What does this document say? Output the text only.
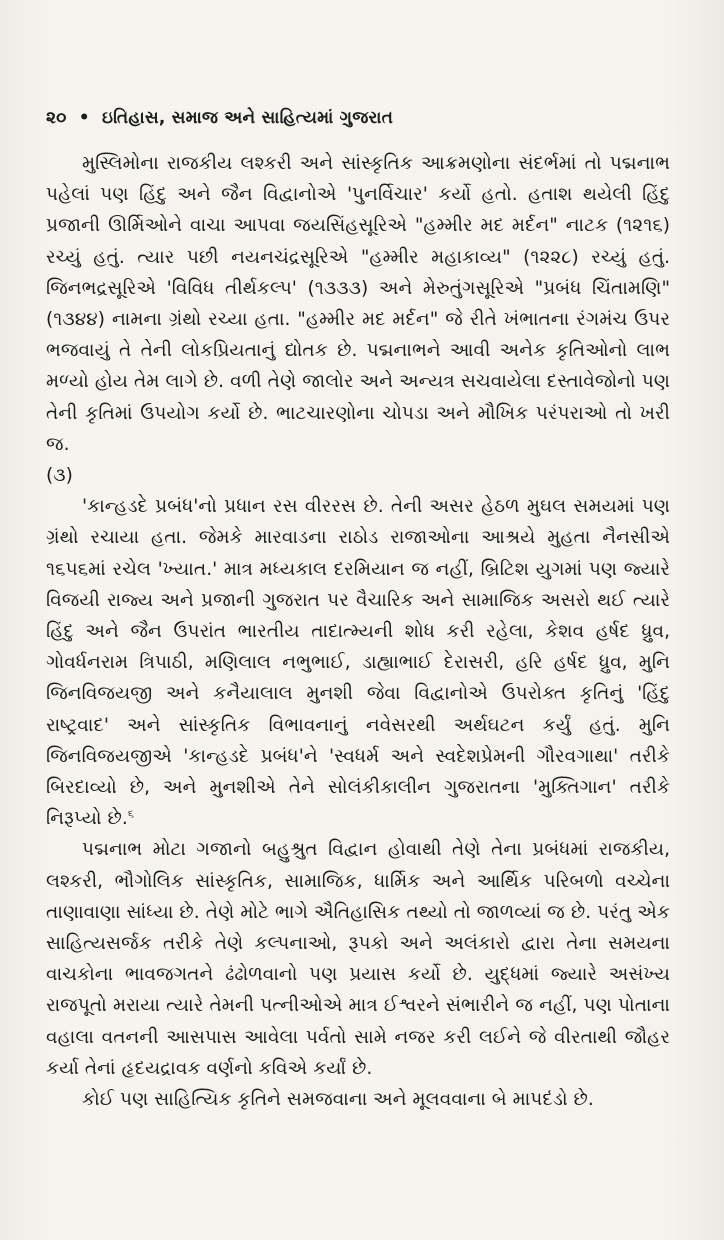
૨૦ • ઇતિહાસ, સમાજ અને સાહિત્યમાં ગુજરાત

મુસ્લિમોના રાજકીય લશ્કરી અને સાંસ્કૃતિક આક્રમણોના સંદર્ભમાં તો પદ્મનાભ પહેલાં પણ હિંદુ અને જૈન વિદ્વાનોએ 'પુનર્વિચાર' કર્યો હતો. હતાશ થયેલી હિંદુ પ્રજાની ઊર્મિઓને વાચા આપવા જયસિંહસૂરિએ "હમ્મીર મદ મર્દન" નાટક (૧૨૧૬) રચ્યું હતું. ત્યાર પછી નયનચંદ્રસૂરિએ "હમ્મીર મહાકાવ્ય" (૧૨૨૮) રચ્યું હતું. જિનભદ્રસૂરિએ 'વિવિધ તીર્થકલ્પ' (૧૩૩૩) અને મેરુતુંગસૂરિએ "પ્રબંધ ચિંતામણિ" (૧૩૪૪) નામના ગ્રંથો રચ્યા હતા. "હમ્મીર મદ મર્દન" જે રીતે ખંભાતના રંગમંચ ઉપર ભજવાયું તે તેની લોકપ્રિયતાનું દ્યોતક છે. પદ્મનાભને આવી અનેક કૃતિઓનો લાભ મળ્યો હોય તેમ લાગે છે. વળી તેણે જાલોર અને અન્યત્ર સચવાયેલા દસ્તાવેજોનો પણ તેની કૃતિમાં ઉપયોગ કર્યો છે. ભાટચારણોના ચોપડા અને મૌખિક પરંપરાઓ તો ખરી જ.

(૩)

'કાન્હડદે પ્રબંધ'નો પ્રધાન રસ વીરરસ છે. તેની અસર હેઠળ મુઘલ સમયમાં પણ ગ્રંથો રચાયા હતા. જેમકે મારવાડના રાઠોડ રાજાઓના આશ્રયે મુહતા નૈનસીએ ૧૬૫૬માં રચેલ 'ખ્યાત.' માત્ર મધ્યકાલ દરમિયાન જ નહીં, બ્રિટિશ યુગમાં પણ જ્યારે વિજયી રાજ્ય અને પ્રજાની ગુજરાત પર વૈચારિક અને સામાજિક અસરો થઈ ત્યારે હિંદુ અને જૈન ઉપરાંત ભારતીય તાદાત્મ્યની શોધ કરી રહેલા, કેશવ હર્ષદ ધ્રુવ, ગોવર્ધનરામ ત્રિપાઠી, મણિલાલ નભુભાઈ, ડાહ્યાભાઈ દેરાસરી, હરિ હર્ષદ ધ્રુવ, મુનિ જિનવિજયજી અને કનૈયાલાલ મુનશી જેવા વિદ્વાનોએ ઉપરોક્ત કૃતિનું 'હિંદુ રાષ્ટ્રવાદ' અને સાંસ્કૃતિક વિભાવનાનું નવેસરથી અર્થઘટન કર્યું હતું. મુનિ જિનવિજયજીએ 'કાન્હડદે પ્રબંધ'ને 'સ્વધર્મ અને સ્વદેશપ્રેમની ગૌરવગાથા' તરીકે બિરદાવ્યો છે, અને મુનશીએ તેને સોલંકીકાલીન ગુજરાતના 'મુક્તિગાન' તરીકે નિરૂપ્યો છે.$^૬$

પદ્મનાભ મોટા ગજાનો બહુશ્રુત વિદ્વાન હોવાથી તેણે તેના પ્રબંધમાં રાજકીય, લશ્કરી, ભૌગોલિક સાંસ્કૃતિક, સામાજિક, ધાર્મિક અને આર્થિક પરિબળો વચ્ચેના તાણાવાણા સાંધ્યા છે. તેણે મોટે ભાગે ઐતિહાસિક તથ્યો તો જાળવ્યાં જ છે. પરંતુ એક સાહિત્યસર્જક તરીકે તેણે કલ્પનાઓ, રૂપકો અને અલંકારો દ્વારા તેના સમયના વાચકોના ભાવજગતને ઢંઢોળવાનો પણ પ્રયાસ કર્યો છે. યુદ્ધમાં જ્યારે અસંખ્ય રાજપૂતો મરાયા ત્યારે તેમની પત્નીઓએ માત્ર ઈશ્વરને સંભારીને જ નહીં, પણ પોતાના વહાલા વતનની આસપાસ આવેલા પર્વતો સામે નજર કરી લઈને જે વીરતાથી જૌહર કર્યા તેનાં હૃદયદ્રાવક વર્ણનો કવિએ કર્યાં છે.

કોઈ પણ સાહિત્યિક કૃતિને સમજવાના અને મૂલવવાના બે માપદંડો છે.
